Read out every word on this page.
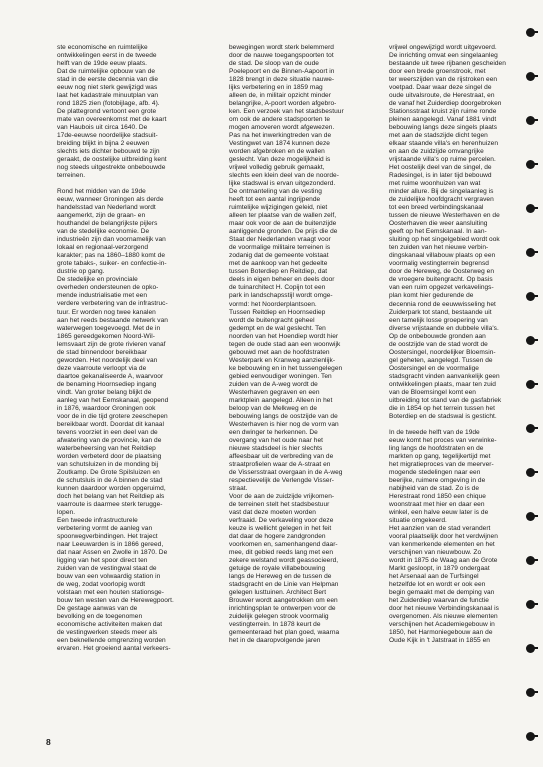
ste economische en ruimtelijke
ontwikkelingen eerst in de tweede
helft van de 19de eeuw plaats.
Dat de ruimtelijke opbouw van de
stad in de eerste decennia van die
eeuw nog niet sterk gewijzigd was
laat het kadastrale minuutplan van
rond 1825 zien (fotobijlage, afb. 4).
De plattegrond vertoont een grote
mate van overeenkomst met de kaart
van Haubois uit circa 1640. De
17de-eeuwse noordelijke stadsuit-
breiding blijkt in bijna 2 eeuwen
slechts iets dichter bebouwd te zijn
geraakt, de oostelijke uitbreiding kent
nog steeds uitgestrekte onbebouwde
terreinen.

Rond het midden van de 19de
eeuw, wanneer Groningen als derde
handelsstad van Nederland wordt
aangemerkt, zijn de graan- en
houthandel de belangrijkste pijlers
van de stedelijke economie. De
industrieën zijn dan voornamelijk van
lokaal en regionaal-verzorgend
karakter; pas na 1860–1880 komt de
grote tabaks-, suiker- en confectie-in-
dustrie op gang.

De stedelijke en provinciale
overheden ondersteunen de opko-
mende industrialisatie met een
verdere verbetering van de infrastruc-
tuur. Er worden nog twee kanalen
aan het reeds bestaande netwerk van
waterwegen toegevoegd. Met de in
1865 gereedgekomen Noord-Wil-
lemsvaart zijn de grote rivieren vanaf
de stad binnendoor bereikbaar
geworden. Het noordelijk deel van
deze vaarroute verloopt via de
daartoe gekanaliseerde A, waarvoor
de benaming Hoornsediep ingang
vindt. Van groter belang blijkt de
aanleg van het Eemskanaal, geopend
in 1876, waardoor Groningen ook
voor de in die tijd grotere zeeschepen
bereikbaar wordt. Doordat dit kanaal
tevens voorziet in een deel van de
afwatering van de provincie, kan de
waterbeheersing van het Reitdiep
worden verbeterd door de plaatsing
van schutsluizen in de monding bij
Zoutkamp. De Grote Spilsluizen en
de schutsluis in de A binnen de stad
kunnen daardoor worden opgeruimd,
doch het belang van het Reitdiep als
vaarroute is daarmee sterk terugge-
lopen.

Een tweede infrastructurele
verbetering vormt de aanleg van
spoorwegverbindingen. Het traject
naar Leeuwarden is in 1866 gereed,
dat naar Assen en Zwolle in 1870. De
ligging van het spoor direct ten
zuiden van de vestingwal staat de
bouw van een volwaardig station in
de weg, zodat voorlopig wordt
volstaan met een houten stationsge-
bouw ten westen van de Herewegpoort.

De gestage aanwas van de
bevolking en de toegenomen
economische activiteiten maken dat
de vestingwerken steeds meer als
een beknellende omgrenzing worden
ervaren. Het groeiend aantal verkeers-

bewegingen wordt sterk belemmerd
door de nauwe toegangspoorten tot
de stad. De sloop van de oude
Poelepoort en de Binnen-Aapoort in
1828 brengt in deze situatie nauwe-
lijks verbetering en in 1859 mag
alleen de, in militair opzicht minder
belangrijke, A-poort worden afgebro-
ken. Een verzoek van het stadsbestuur
om ook de andere stadspoorten te
mogen amoveren wordt afgewezen.
Pas na het inwerkingtreden van de
Vestingwet van 1874 kunnen deze
worden afgebroken en de wallen
geslecht. Van deze mogelijkheid is
vrijwel volledig gebruik gemaakt,
slechts een klein deel van de noorde-
lijke stadswal is ervan uitgezonderd.

De ontmanteling van de vesting
heeft tot een aantal ingrijpende
ruimtelijke wijzigingen geleid, niet
alleen ter plaatse van de wallen zelf,
maar ook voor de aan de buitenzijde
aanliggende gronden. De prijs die de
Staat der Nederlanden vraagt voor
de voormalige militaire terreinen is
zodanig dat de gemeente volstaat
met de aankoop van het gedeelte
tussen Boterdiep en Reitdiep, dat
deels in eigen beheer en deels door
de tuinarchitect H. Copijn tot een
park in landschapsstijl wordt omge-
vormd: het Noorderplantsoen.
Tussen Reitdiep en Hoornsediep
wordt de buitengracht geheel
gedempt en de wal geslecht. Ten
noorden van het Hoendiep wordt hier
tegen de oude stad aan een woonwijk
gebouwd met aan de hoofdstraten
Westerpark en Kranweg aanzienlijk-
ke bebouwing en in het tussengelegen
gebied eenvoudiger woningen. Ten
zuiden van de A-weg wordt de
Westerhaven gegraven en een
marktplein aangelegd. Alleen in het
beloop van de Melkweg en de
bebouwing langs de oostzijde van de
Westerhaven is hier nog de vorm van
een dwinger te herkennen. De
overgang van het oude naar het
nieuwe stadsdeel is hier slechts
affeesbaar uit de verbreding van de
straatprofielen waar de A-straat en
de Vissersstraat overgaan in de A-weg
respectievelijk de Verlengde Visser-
straat.

Voor de aan de zuidzijde vrijkomen-
de terreinen stelt het stadsbestuur
vast dat deze moeten worden
verfraaid. De verkaveling voor deze
keuze is wellicht gelegen in het feit
dat daar de hogere zandgronden
voorkomen en, samenhangend daar-
mee, dit gebied reeds lang met een
zekere welstand wordt geassocieerd,
getuige de royale villabebouwing
langs de Hereweg en de tussen de
stadsgracht en de Linie van Helpman
gelegen lusttuinen. Architect Bert
Brouwer wordt aangetrokken om een
inrichtingsplan te ontwerpen voor de
zuidelijk gelegen strook voormalig
vestingterrein. In 1878 keurt de
gemeenteraad het plan goed, waarna
het in de daaropvolgende jaren

vrijwel ongewijzigd wordt uitgevoerd.
De inrichting omvat een singelaanleg
bestaande uit twee rijbanen gescheiden
door een brede groenstrook, met
ter weerszijden van de rijstroken een
voetpad. Daar waar deze singel de
oude uitvalsroute, de Herestraat, en
de vanaf het Zuiderdiep doorgebroken
Stationsstraat kruist zijn ruime ronde
pleinen aangelegd. Vanaf 1881 vindt
bebouwing langs deze singels plaats
met aan de stadszijde dicht tegen
elkaar staande villa's en herenhuizen
en aan de zuidzijde omvangrijke
vrijstaande villa's op ruime percelen.
Het oostelijk deel van de singel, de
Radesingel, is in later tijd bebouwd
met ruime woonhuizen van wat
minder allure. Bij de singelaanleg is
de zuidelijke hoofdgracht vergraven
tot een breed verbindingskanaal
tussen de nieuwe Westerhaven en de
Oosterhaven die weer aansluiting
geeft op het Eemskanaal. In aan-
sluiting op het singelgebied wordt ook
ten zuiden van het nieuwe verbin-
dingskanaal villabouw plaats op een
voormalig vestingterrein begrensd
door de Hereweg, de Oosterweg en
de vroegere buitengracht. Op basis
van een ruim opgezet verkavelings-
plan komt hier gedurende de
decennia rond de eeuwwisseling het
Zuiderpark tot stand, bestaande uit
een tamelijk losse groepering van
diverse vrijstaande en dubbele villa's.
Op de onbebouwde gronden aan
de oostzijde van de stad wordt de
Oostersingel, noordelijker Bloemsin-
gel geheten, aangelegd. Tussen de
Oostersingel en de voormalige
stadsgracht vinden aanvankelijk geen
ontwikkelingen plaats, maar ten zuid
van de Bloemsingel komt een
uitbreiding tot stand van de gasfabriek
die in 1854 op het terrein tussen het
Boterdiep en de stadswal is gesticht.

In de tweede helft van de 19de
eeuw komt het proces van verwinke-
ling langs de hoofdstraten en de
markten op gang, tegelijkertijd met
het migratieproces van de meerver-
mogende stedelingen naar een
beerijke, ruimere omgeving in de
nabijheid van de stad. Zo is de
Herestraat rond 1850 een chique
woonstraat met hier en daar een
winkel, een halve eeuw later is de
situatie omgekeerd.
Het aanzien van de stad verandert
vooral plaatselijk door het verdwijnen
van kenmerkende elementen en het
verschijnen van nieuwbouw. Zo
wordt in 1875 de Waag aan de Grote
Markt gesloopt, in 1879 ondergaat
het Arsenaal aan de Turfsingel
hetzelfde lot en wordt er ook een
begin gemaakt met de demping van
het Zuiderdiep waarvan de functie
door het nieuwe Verbindingskanaal is
overgenomen. Als nieuwe elementen
verschijnen het Academiegebouw in
1850, het Harmoniegebouw aan de
Oude Kijk in 't Jatstraat in 1855 en

8
